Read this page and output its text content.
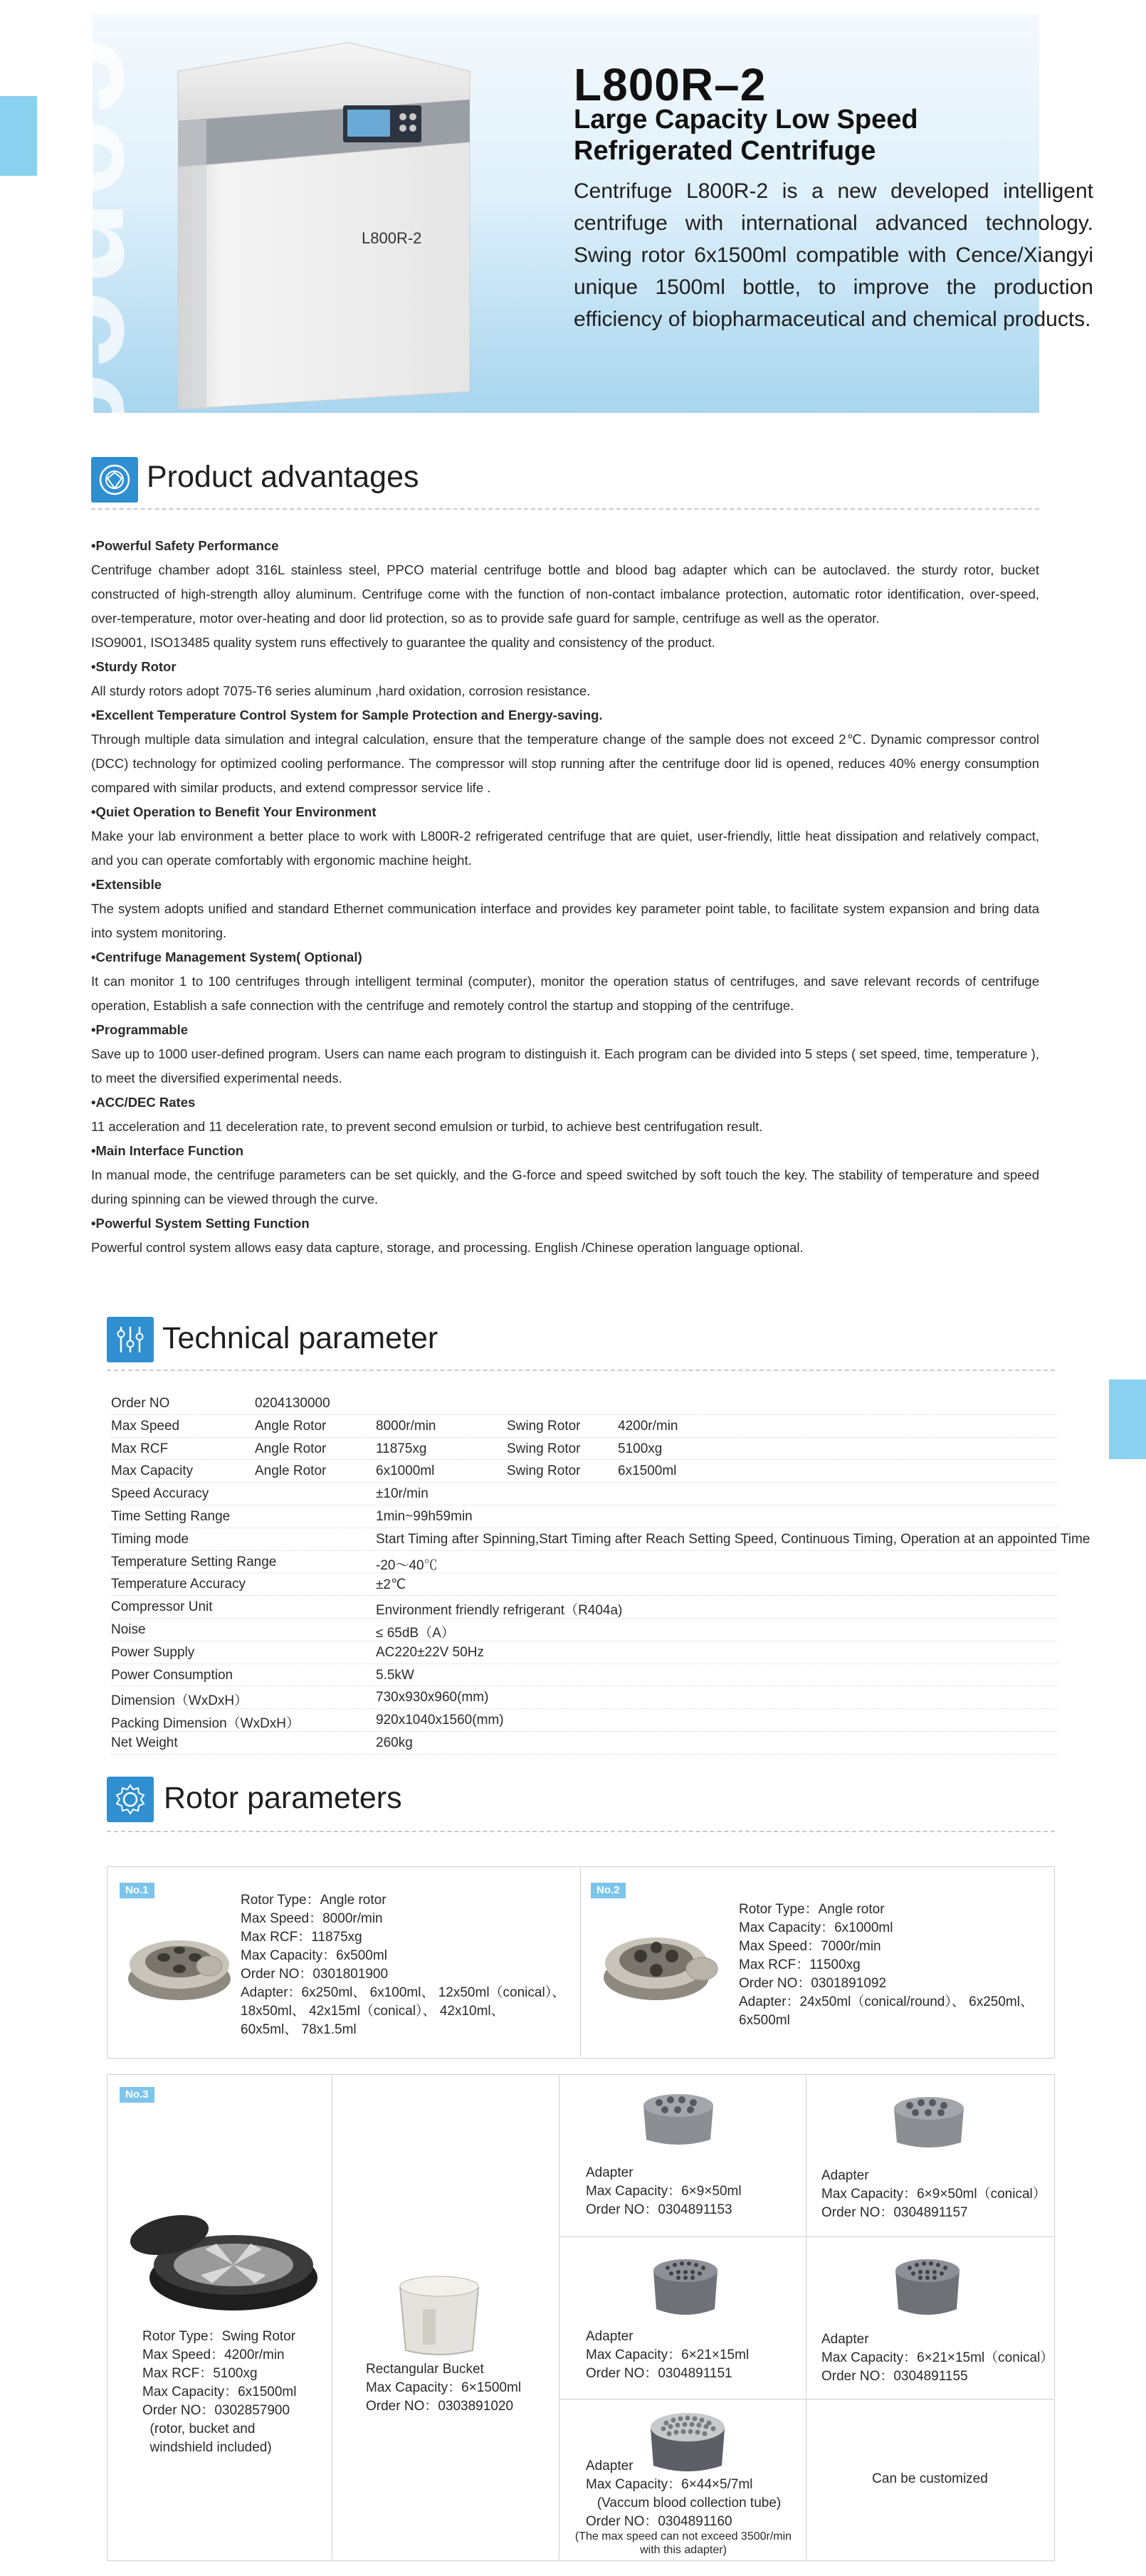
cence	L800R-2
L800R–2
Large Capacity Low Speed
Refrigerated Centrifuge
Centrifuge L800R-2 is a new developed intelligent centrifuge with international advanced technology. Swing rotor 6x1500ml compatible with Cence/Xiangyi unique 1500ml bottle, to improve the production efficiency of biopharmaceutical and chemical products.
Product advantages

•Powerful Safety Performance

Centrifuge chamber adopt 316L stainless steel, PPCO material centrifuge bottle and blood bag adapter which can be autoclaved. the sturdy rotor, bucket constructed of high-strength alloy aluminum. Centrifuge come with the function of non-contact imbalance protection, automatic rotor identification, over-speed, over-temperature, motor over-heating and door lid protection, so as to provide safe guard for sample, centrifuge as well as the operator.

ISO9001, ISO13485 quality system runs effectively to guarantee the quality and consistency of the product.

•Sturdy Rotor

All sturdy rotors adopt 7075-T6 series aluminum ,hard oxidation, corrosion resistance.

•Excellent Temperature Control System for Sample Protection and Energy-saving.

Through multiple data simulation and integral calculation, ensure that the temperature change of the sample does not exceed 2℃. Dynamic compressor control (DCC) technology for optimized cooling performance. The compressor will stop running after the centrifuge door lid is opened, reduces 40% energy consumption compared with similar products, and extend compressor service life .

•Quiet Operation to Benefit Your Environment

Make your lab environment a better place to work with L800R-2 refrigerated centrifuge that are quiet, user-friendly, little heat dissipation and relatively compact, and you can operate comfortably with ergonomic machine height.

•Extensible

The system adopts unified and standard Ethernet communication interface and provides key parameter point table, to facilitate system expansion and bring data into system monitoring.

•Centrifuge Management System( Optional)

It can monitor 1 to 100 centrifuges through intelligent terminal (computer), monitor the operation status of centrifuges, and save relevant records of centrifuge operation, Establish a safe connection with the centrifuge and remotely control the startup and stopping of the centrifuge.

•Programmable

Save up to 1000 user-defined program. Users can name each program to distinguish it. Each program can be divided into 5 steps ( set speed, time, temperature ), to meet the diversified experimental needs.

•ACC/DEC Rates

11 acceleration and 11 deceleration rate, to prevent second emulsion or turbid, to achieve best centrifugation result.

•Main Interface Function

In manual mode, the centrifuge parameters can be set quickly, and the G-force and speed switched by soft touch the key. The stability of temperature and speed during spinning can be viewed through the curve.

•Powerful System Setting Function

Powerful control system allows easy data capture, storage, and processing. English /Chinese operation language optional.

Technical parameter
Order NO	0204130000
Max Speed	Angle Rotor	8000r/min	Swing Rotor	4200r/min
Max RCF	Angle Rotor	11875xg	Swing Rotor	5100xg
Max Capacity	Angle Rotor	6x1000ml	Swing Rotor	6x1500ml
Speed Accuracy	±10r/min
Time Setting Range	1min~99h59min
Timing mode	Start Timing after Spinning,Start Timing after Reach Setting Speed, Continuous Timing, Operation at an appointed Time
Temperature Setting Range	-20～40℃
Temperature Accuracy	±2℃
Compressor Unit	Environment friendly refrigerant（R404a)
Noise	≤ 65dB（A）
Power Supply	AC220±22V 50Hz
Power Consumption	5.5kW
Dimension（WxDxH）	730x930x960(mm)
Packing Dimension（WxDxH）	920x1040x1560(mm)
Net Weight	260kg
Rotor parameters
No.1
Rotor Type：Angle rotor
Max Speed：8000r/min
Max RCF：11875xg
Max Capacity：6x500ml
Order NO：0301801900
Adapter：6x250ml、 6x100ml、 12x50ml（conical）、
18x50ml、 42x15ml（conical）、 42x10ml、
60x5ml、 78x1.5ml
No.2
Rotor Type：Angle rotor
Max Capacity：6x1000ml
Max Speed：7000r/min
Max RCF：11500xg
Order NO：0301891092
Adapter：24x50ml（conical/round）、 6x250ml、
6x500ml
No.3
Rotor Type：Swing Rotor
Max Speed：4200r/min
Max RCF：5100xg
Max Capacity：6x1500ml
Order NO：0302857900
(rotor, bucket and
windshield included)
Rectangular Bucket
Max Capacity：6×1500ml
Order NO：0303891020
Adapter
Max Capacity：6×9×50ml
Order NO：0304891153
Adapter
Max Capacity：6×9×50ml（conical）
Order NO：0304891157
Adapter
Max Capacity：6×21×15ml
Order NO：0304891151
Adapter
Max Capacity：6×21×15ml（conical）
Order NO：0304891155
Adapter
Max Capacity：6×44×5/7ml
(Vaccum blood collection tube)
Order NO：0304891160
(The max speed can not exceed 3500r/min with this adapter)
Can be customized
